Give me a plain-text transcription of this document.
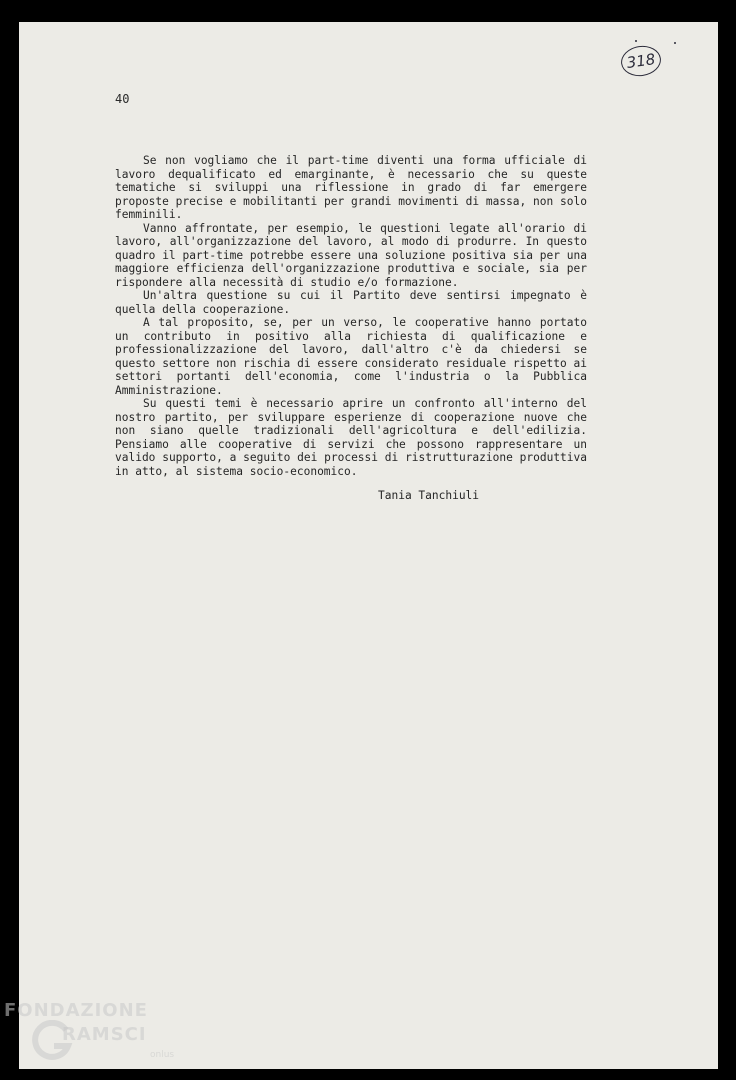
40
318

Se non vogliamo che il part-time diventi una forma ufficiale di lavoro dequalificato ed emarginante, è necessario che su queste tematiche si sviluppi una riflessione in grado di far emergere proposte precise e mobilitanti per grandi movimenti di massa, non solo femminili.

Vanno affrontate, per esempio, le questioni legate all'orario di lavoro, all'organizzazione del lavoro, al modo di produrre. In questo quadro il part-time potrebbe essere una soluzione positiva sia per una maggiore efficienza dell'organizzazione produttiva e sociale, sia per rispondere alla necessità di studio e/o formazione.

Un'altra questione su cui il Partito deve sentirsi impegnato è quella della cooperazione.

A tal proposito, se, per un verso, le cooperative hanno portato un contributo in positivo alla richiesta di qualificazione e professionalizzazione del lavoro, dall'altro c'è da chiedersi se questo settore non rischia di essere considerato residuale rispetto ai settori portanti dell'economia, come l'industria o la Pubblica Amministrazione.

Su questi temi è necessario aprire un confronto all'interno del nostro partito, per sviluppare esperienze di cooperazione nuove che non siano quelle tradizionali dell'agricoltura e dell'edilizia. Pensiamo alle cooperative di servizi che possono rappresentare un valido supporto, a seguito dei processi di ristrutturazione produttiva in atto, al sistema socio-economico.

Tania Tanchiuli
FONDAZIONE
RAMSCI
onlus
